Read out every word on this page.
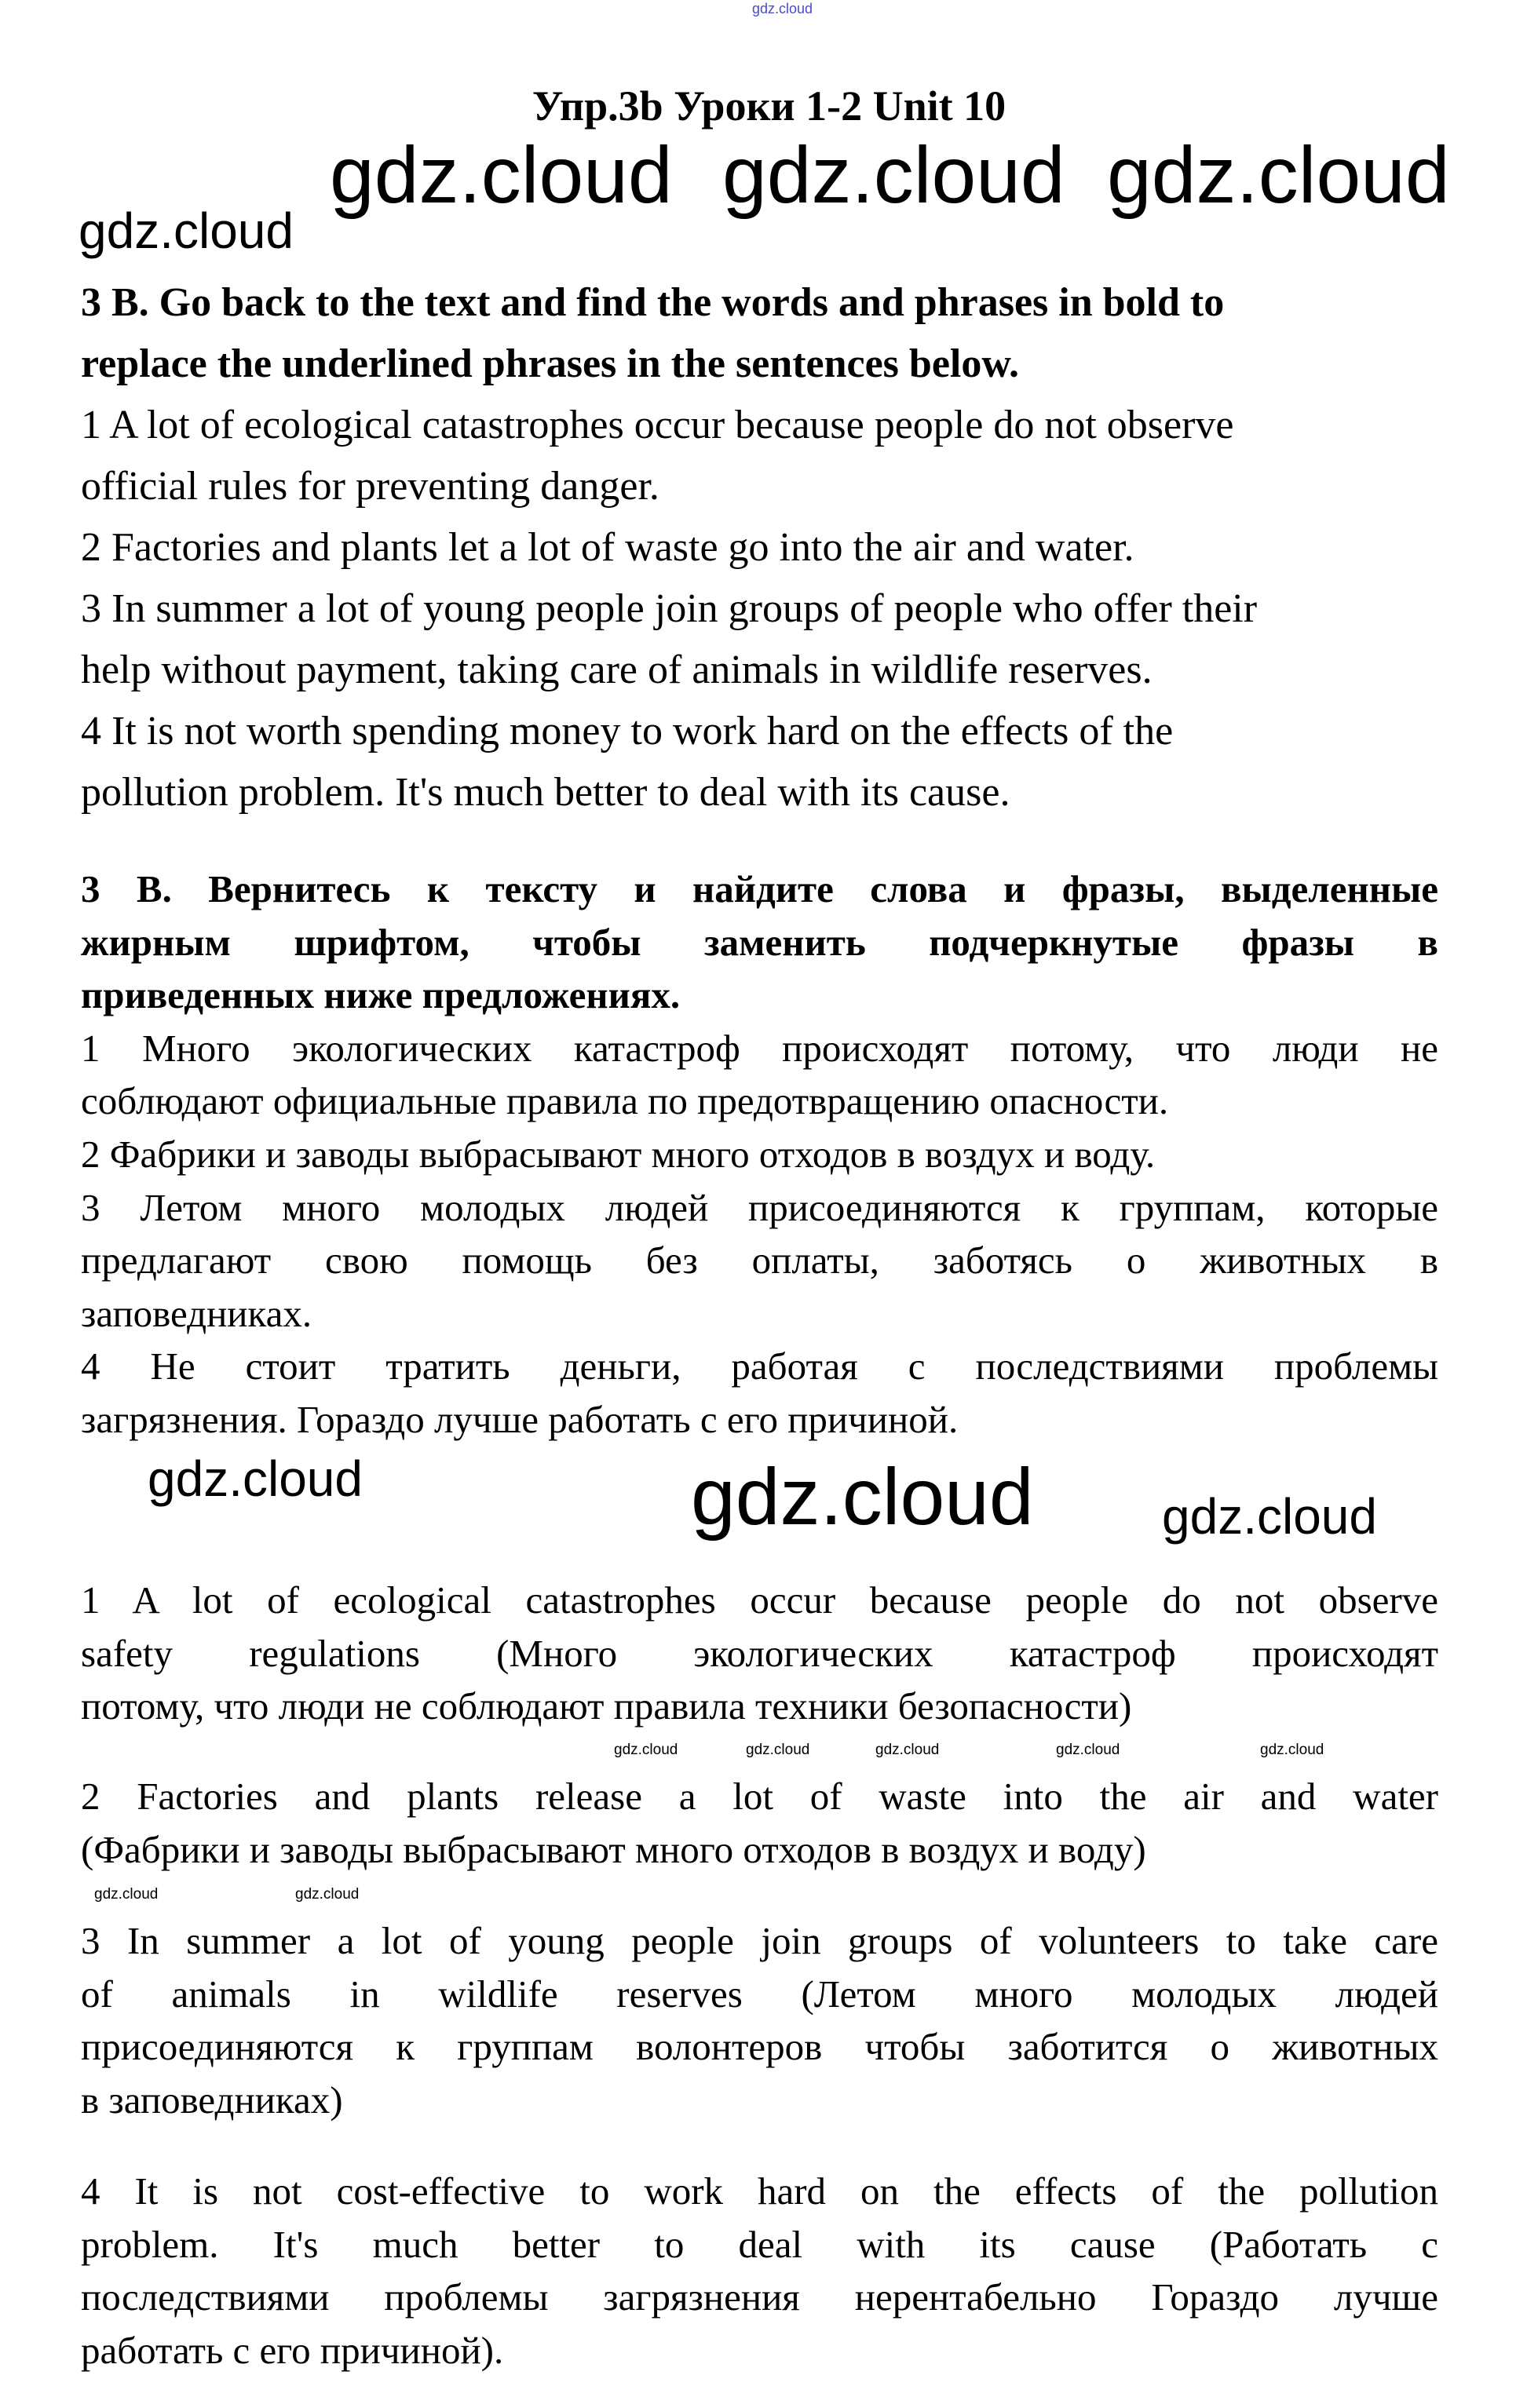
gdz.cloud
Упр.3b Уроки 1-2 Unit 10
gdz.cloud
gdz.cloud gdz.cloud gdz.cloud
3 B. Go back to the text and find the words and phrases in bold to
replace the underlined phrases in the sentences below.
1 A lot of ecological catastrophes occur because people do not observe
official rules for preventing danger.
2 Factories and plants let a lot of waste go into the air and water.
3 In summer a lot of young people join groups of people who offer their
help without payment, taking care of animals in wildlife reserves.
4 It is not worth spending money to work hard on the effects of the
pollution problem. It's much better to deal with its cause.
3 B. Вернитесь к тексту и найдите слова и фразы, выделенные
жирным шрифтом, чтобы заменить подчеркнутые фразы в
приведенных ниже предложениях.
1 Много экологических катастроф происходят потому, что люди не
соблюдают официальные правила по предотвращению опасности.
2 Фабрики и заводы выбрасывают много отходов в воздух и воду.
3 Летом много молодых людей присоединяются к группам, которые
предлагают свою помощь без оплаты, заботясь о животных в
заповедниках.
4 Не стоит тратить деньги, работая с последствиями проблемы
загрязнения. Гораздо лучше работать с его причиной.
gdz.cloud	gdz.cloud	gdz.cloud
1 A lot of ecological catastrophes occur because people do not observe
safety regulations (Много экологических катастроф происходят
потому, что люди не соблюдают правила техники безопасности)
gdz.cloud	gdz.cloud	gdz.cloud	gdz.cloud	gdz.cloud
2 Factories and plants release a lot of waste into the air and water
(Фабрики и заводы выбрасывают много отходов в воздух и воду)
gdz.cloud	gdz.cloud
3 In summer a lot of young people join groups of volunteers to take care
of animals in wildlife reserves (Летом много молодых людей
присоединяются к группам волонтеров чтобы заботится о животных
в заповедниках)
4 It is not cost-effective to work hard on the effects of the pollution
problem. It's much better to deal with its cause (Работать с
последствиями проблемы загрязнения нерентабельно Гораздо лучше
работать с его причиной).
